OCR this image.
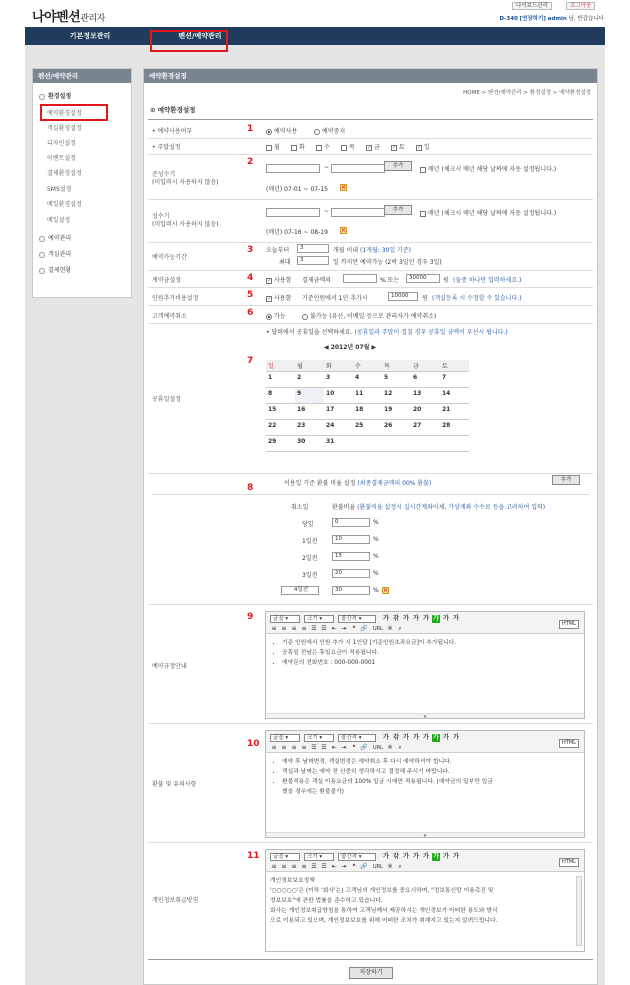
나야펜션관리자
나이보드관리	로그아웃
D-340 [연장하기] admin 님, 반갑습니다
기본정보관리	펜션/예약관리
펜션/예약관리
환경설정
예약환경설정
객실환경설정
디자인설정
이벤트설정
결제환경설정
SMS설정
메일환경설정
메일설정
예약관리
객실관리
결제현황
예약환경설정
HOME > 펜션/예약관리 > 환경설정 > 예약환경설정
⊙ 예약환경설정
• 예약사용여부	1	예약사용	예약중지
• 주말설정	월	화	수	목 ✓ 금 ✓ 토 ✓ 일
2
준성수기
(미입력시 사용하지 않음)
~	추가	매년 (체크시 매년 해당 날짜에 자동 설정됩니다.)
(매년) 07-01 ~ 07-15 ×
성수기
(미입력시 사용하지 않음)
~	추가	매년 (체크시 매년 해당 날짜에 자동 설정됩니다.)
(매년) 07-16 ~ 08-19 ×
3
예약가능기간
오늘부터	3	개월 이내 (1개월: 30일 기준)
최대	3	일 까지만 예약가능 (2박 3일인 경우 3일)
4
계약금설정	✓ 사용함 결제금액의	% 또는	30000	원 (둘중 하나만 입력하세요.)
5
인원추가비용설정	✓ 사용함 기준인원에서 1인 추가시	10000	원 (객실등록 시 수정할 수 있습니다.)
6
고객예약취소	가능	불가능 (유선, 이메일 등으로 관리자가 예약취소)
공휴일설정
• 달력에서 공휴일을 선택하세요. (공휴일과 주말이 겹칠 경우 공휴일 금액이 우선시 됩니다.)
◀ 2012년 07월 ▶
7
일	월	화	수	목	금	토
1	2	3	4	5	6	7
8	9	10	11	12	13	14
15	16	17	18	19	20	21
22	23	24	25	26	27	28
29	30	31				
8	이용일 기준 환불 비율 설정 (최종결제금액의 00% 환불)	추가
취소일	환불비율 (환불비율 설정시 실시간계좌이체, 가상계좌 수수료 등을 고려하여 입력)
9
예약규정안내
글꼴 ▾	크기 ▾	줄간격 ▾	가 갂 가 가 가 가 가 가
≡ ≡ ≡ ≡ ☰ ☰ ⇤ ⇥ ❝ 🔗 URL ※ ⌕
HTML
• 기준 인원에서 인원 추가 시 1인당 [기준인원초과요금]이 추가됩니다.
• 공휴일 전날은 휴일요금이 적용됩니다.
• 예약문의 전화번호 : 000-000-0001
▼
10
환불 및 유의사항
글꼴 ▾	크기 ▾	줄간격 ▾	가 갂 가 가 가 가 가 가
≡ ≡ ≡ ≡ ☰ ☰ ⇤ ⇥ ❝ 🔗 URL ※ ⌕
HTML
• 예약 후 날짜변경, 객실변경은 예약취소 후 다시 예약하셔야 합니다.
• 객실과 날짜는 예약 전 신중히 생각하시고 결정해 주시기 바랍니다.
• 환불적용은 객실 이용요금의 100% 입금 시에만 적용됩니다. (예약금의 일부만 입금
했을 경우에는 환불불가)
▼
11
개인정보취급방침
글꼴 ▾	크기 ▾	줄간격 ▾	가 갂 가 가 가 가 가 가
≡ ≡ ≡ ≡ ☰ ☰ ⇤ ⇥ ❝ 🔗 URL ※ ⌕
HTML
개인정보보호정책
'○○○○○'은 (이하 '회사'는) 고객님의 개인정보를 중요시하며, "정보통신망 이용촉진 및
정보보호"에 관한 법률을 준수하고 있습니다.
회사는 개인정보취급방침을 통하여 고객님께서 제공하시는 개인정보가 어떠한 용도와 방식
으로 이용되고 있으며, 개인정보보호를 위해 어떠한 조치가 취해지고 있는지 알려드립니다.
저장하기
당일	0	%
1일전	10	%
2일전	15	%
3일전	20	%
4일전	30	% ×
